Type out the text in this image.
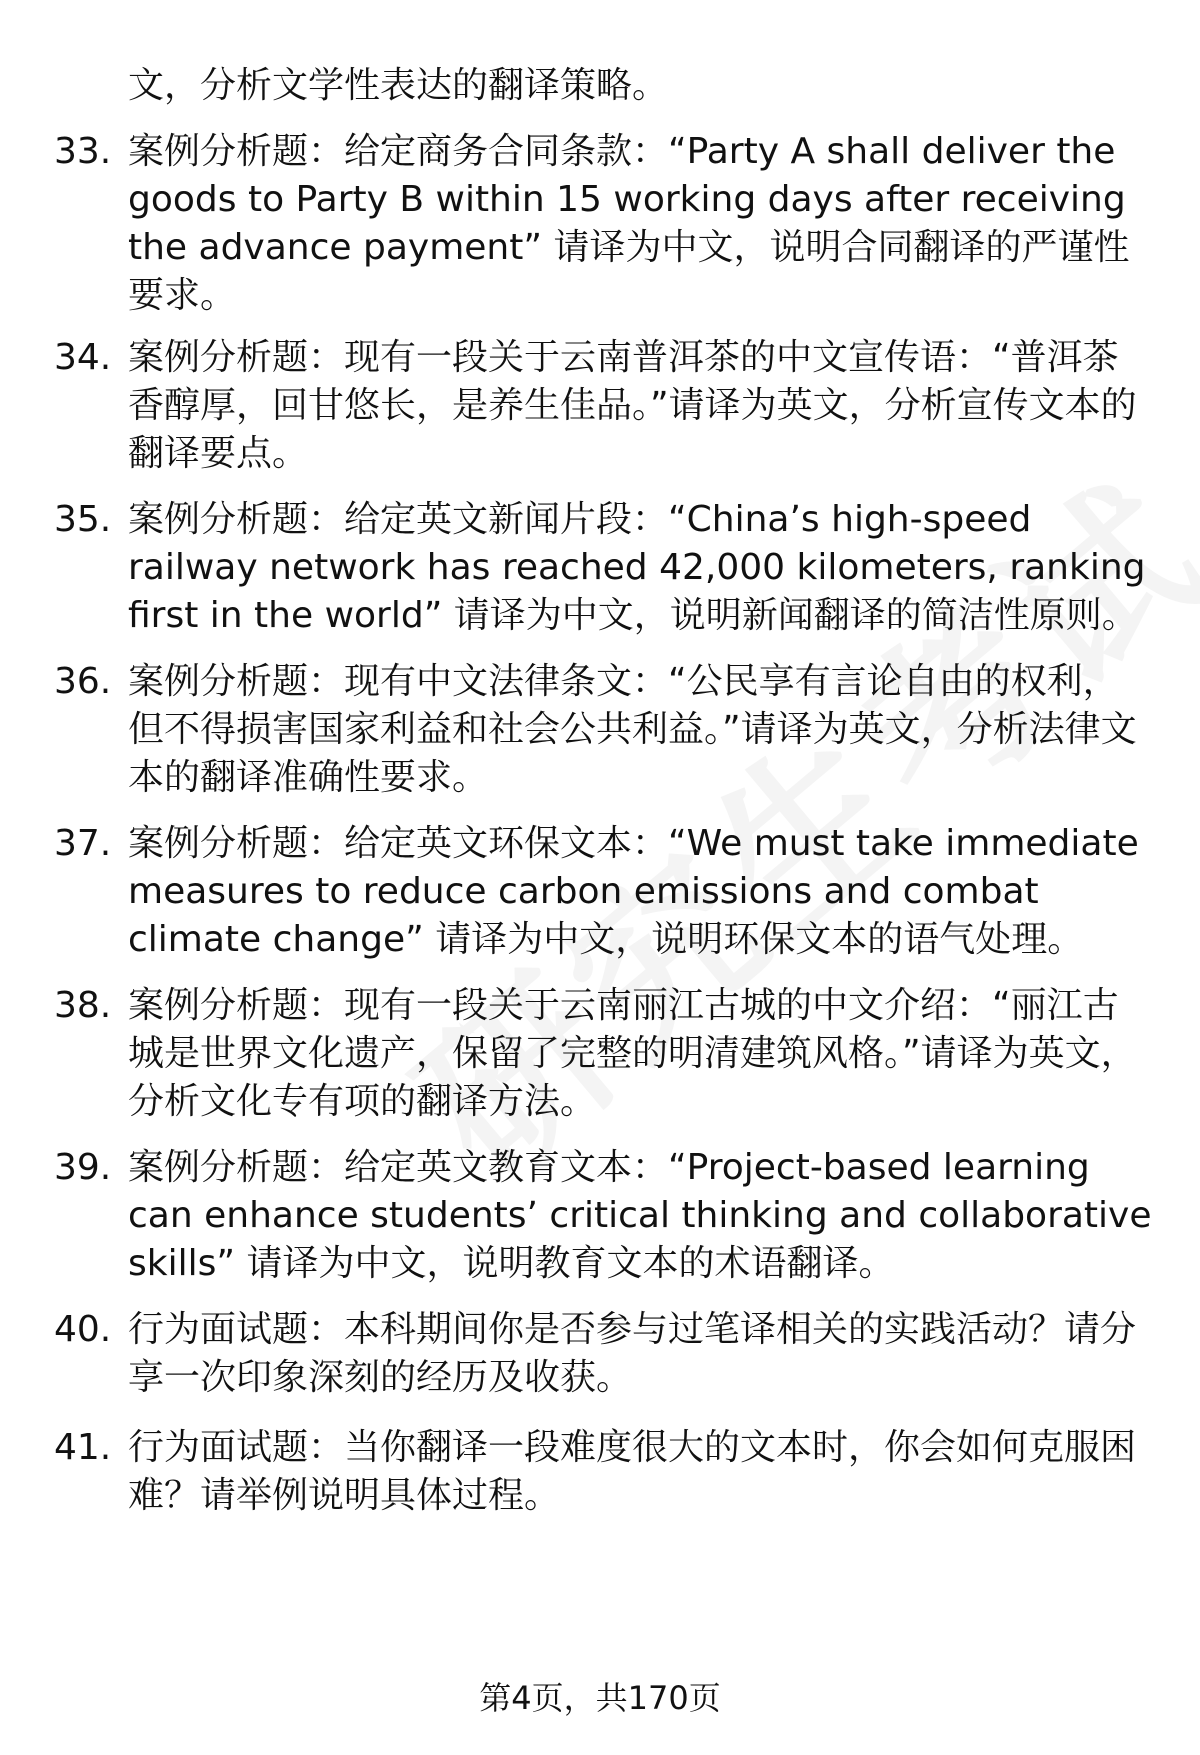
文，分析文学性表达的翻译策略。
33. 案例分析题：给定商务合同条款：“Party A shall deliver the goods to Party B within 15 working days after receiving the advance payment” 请译为中文，说明合同翻译的严谨性要求。
34. 案例分析题：现有一段关于云南普洱茶的中文宣传语：“普洱茶香醇厚，回甘悠长，是养生佳品。”请译为英文，分析宣传文本的翻译要点。
35. 案例分析题：给定英文新闻片段：“China’s high-speed railway network has reached 42,000 kilometers, ranking first in the world” 请译为中文，说明新闻翻译的简洁性原则。
36. 案例分析题：现有中文法律条文：“公民享有言论自由的权利，但不得损害国家利益和社会公共利益。”请译为英文，分析法律文本的翻译准确性要求。
37. 案例分析题：给定英文环保文本：“We must take immediate measures to reduce carbon emissions and combat climate change” 请译为中文，说明环保文本的语气处理。
38. 案例分析题：现有一段关于云南丽江古城的中文介绍：“丽江古城是世界文化遗产，保留了完整的明清建筑风格。”请译为英文，分析文化专有项的翻译方法。
39. 案例分析题：给定英文教育文本：“Project-based learning can enhance students’ critical thinking and collaborative skills” 请译为中文，说明教育文本的术语翻译。
40. 行为面试题：本科期间你是否参与过笔译相关的实践活动？请分享一次印象深刻的经历及收获。
41. 行为面试题：当你翻译一段难度很大的文本时，你会如何克服困难？请举例说明具体过程。
第4页，共170页
